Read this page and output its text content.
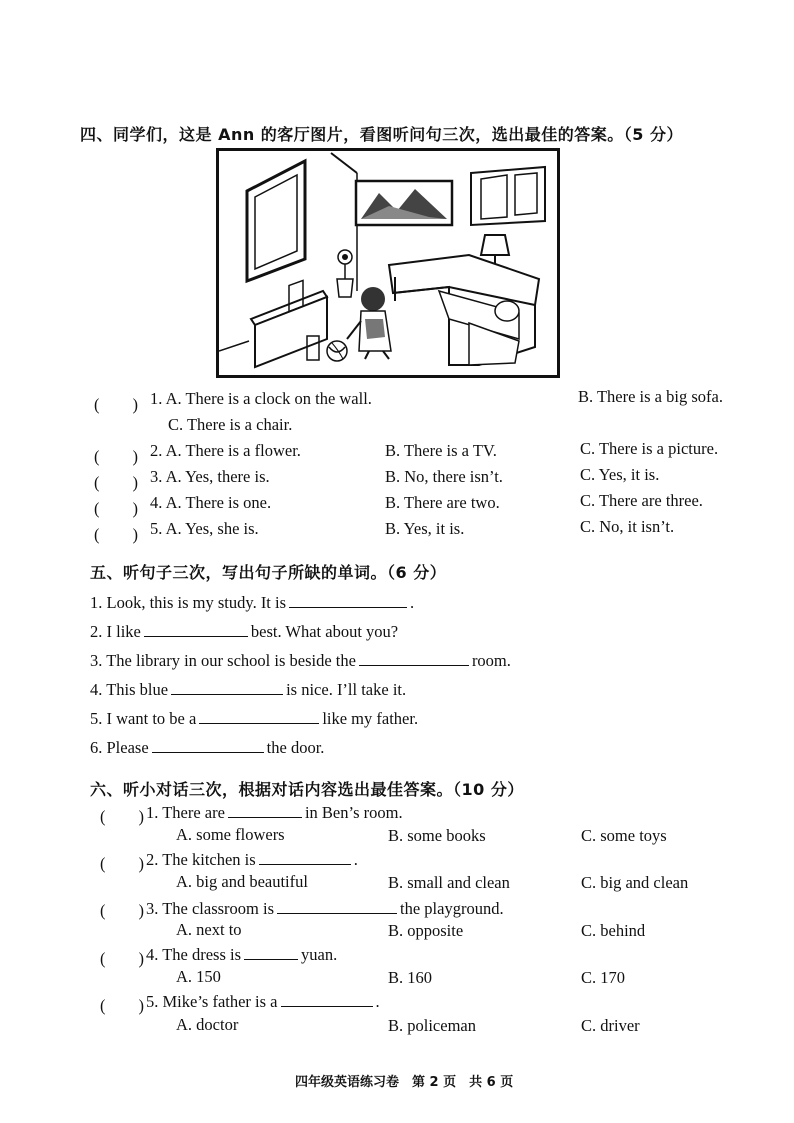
四、同学们，这是 Ann 的客厅图片，看图听问句三次，选出最佳的答案。（5 分）
(　　) 1. A. There is a clock on the wall.	B. There is a big sofa.
C. There is a chair.
(　　) 2. A. There is a flower.	B. There is a TV.	C. There is a picture.
(　　) 3. A. Yes, there is.	B. No, there isn’t.	C. Yes, it is.
(　　) 4. A. There is one.	B. There are two.	C. There are three.
(　　) 5. A. Yes, she is.	B. Yes, it is.	C. No, it isn’t.
五、听句子三次，写出句子所缺的单词。（6 分）
1. Look, this is my study. It is	.
2. I like	best. What about you?
3. The library in our school is beside the	room.
4. This blue	is nice. I’ll take it.
5. I want to be a	like my father.
6. Please	the door.
六、听小对话三次，根据对话内容选出最佳答案。（10 分）
(　　) 1. There are	in Ben’s room.
A. some flowers	B. some books	C. some toys
(　　) 2. The kitchen is	.
A. big and beautiful	B. small and clean	C. big and clean
(　　) 3. The classroom is	the playground.
A. next to	B. opposite	C. behind
(　　) 4. The dress is	yuan.
A. 150	B. 160	C. 170
(　　) 5. Mike’s father is a	.
A. doctor	B. policeman	C. driver
四年级英语练习卷　第 2 页　共 6 页
